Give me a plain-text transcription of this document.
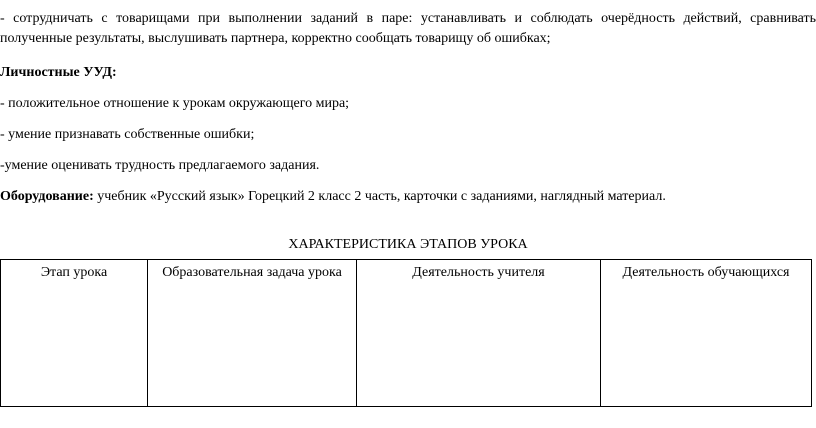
- сотрудничать с товарищами при выполнении заданий в паре: устанавливать и соблюдать очерёдность действий, сравнивать полученные результаты, выслушивать партнера, корректно сообщать товарищу об ошибках;

Личностные УУД:

- положительное отношение к урокам окружающего мира;

- умение признавать собственные ошибки;

-умение оценивать трудность предлагаемого задания.

Оборудование: учебник «Русский язык» Горецкий 2 класс 2 часть, карточки с заданиями, наглядный материал.

ХАРАКТЕРИСТИКА ЭТАПОВ УРОКА

Этап урока	Образовательная задача урока	Деятельность учителя	Деятельность обучающихся
